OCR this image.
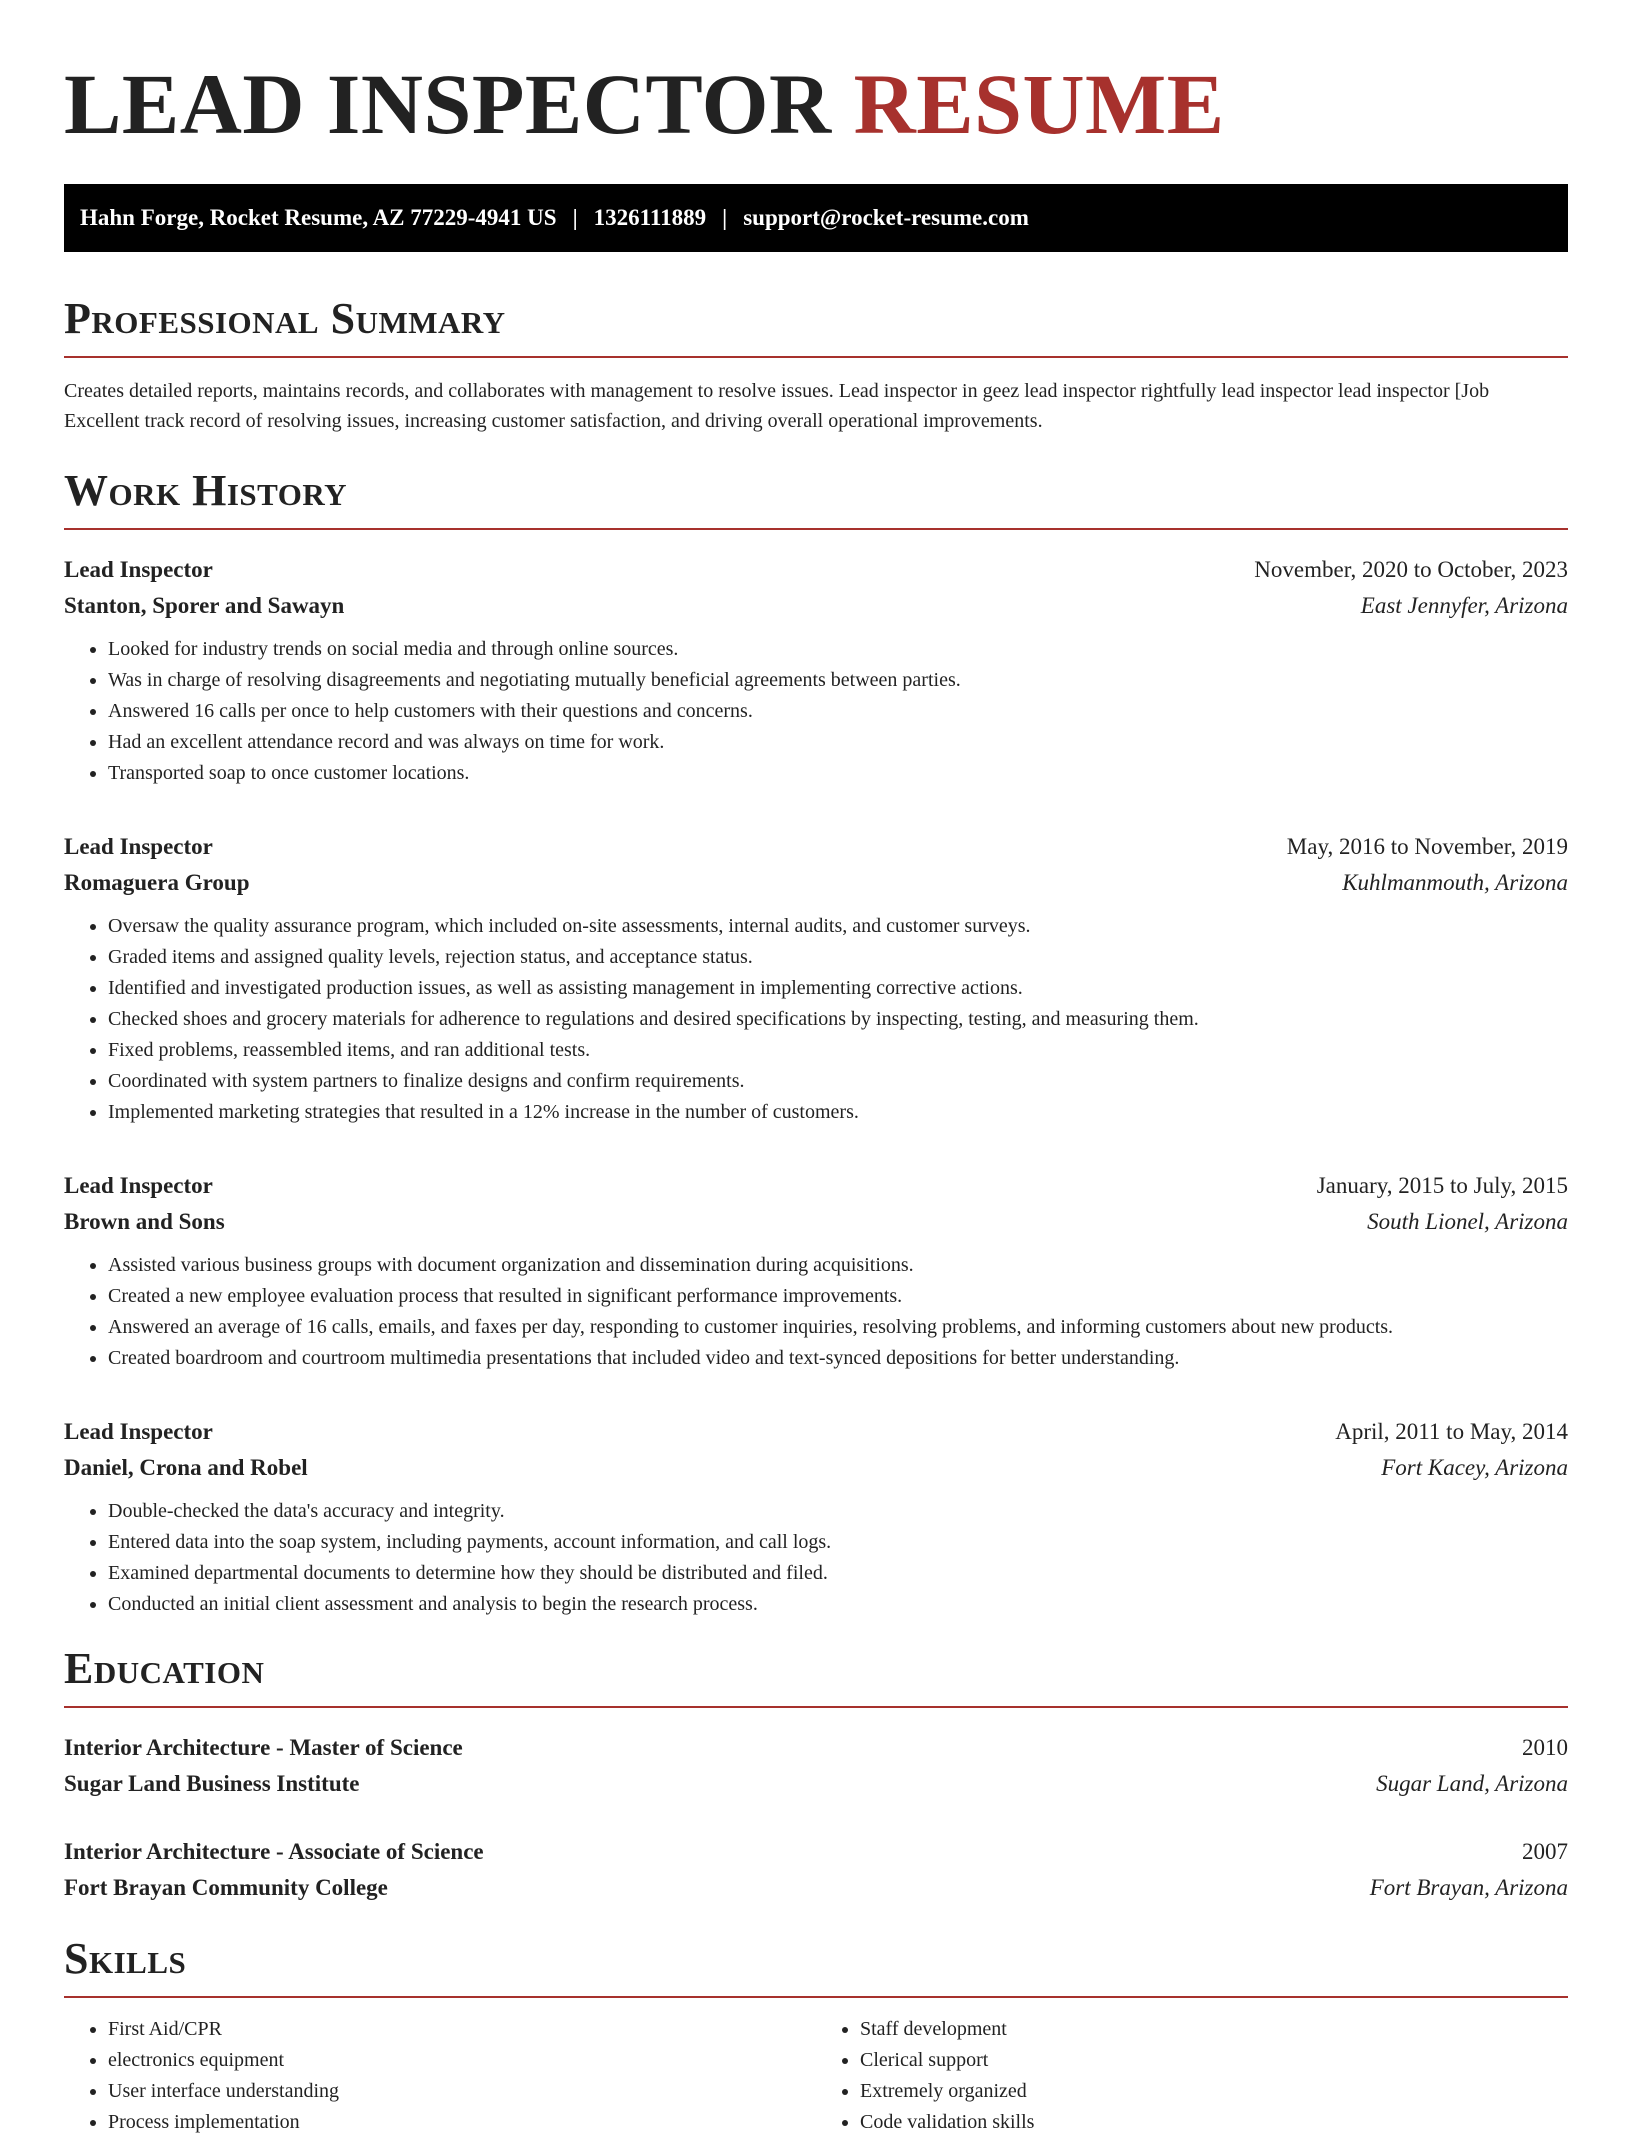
LEAD INSPECTOR RESUME
Hahn Forge, Rocket Resume, AZ 77229-4941 US | 1326111889 | support@rocket-resume.com
Professional Summary

Creates detailed reports, maintains records, and collaborates with management to resolve issues. Lead inspector in geez lead inspector rightfully lead inspector lead inspector [Job Excellent track record of resolving issues, increasing customer satisfaction, and driving overall operational improvements.

Work History
Lead Inspector	November, 2020 to October, 2023
Stanton, Sporer and Sawayn	East Jennyfer, Arizona
• Looked for industry trends on social media and through online sources.
• Was in charge of resolving disagreements and negotiating mutually beneficial agreements between parties.
• Answered 16 calls per once to help customers with their questions and concerns.
• Had an excellent attendance record and was always on time for work.
• Transported soap to once customer locations.
Lead Inspector	May, 2016 to November, 2019
Romaguera Group	Kuhlmanmouth, Arizona
• Oversaw the quality assurance program, which included on-site assessments, internal audits, and customer surveys.
• Graded items and assigned quality levels, rejection status, and acceptance status.
• Identified and investigated production issues, as well as assisting management in implementing corrective actions.
• Checked shoes and grocery materials for adherence to regulations and desired specifications by inspecting, testing, and measuring them.
• Fixed problems, reassembled items, and ran additional tests.
• Coordinated with system partners to finalize designs and confirm requirements.
• Implemented marketing strategies that resulted in a 12% increase in the number of customers.
Lead Inspector	January, 2015 to July, 2015
Brown and Sons	South Lionel, Arizona
• Assisted various business groups with document organization and dissemination during acquisitions.
• Created a new employee evaluation process that resulted in significant performance improvements.
• Answered an average of 16 calls, emails, and faxes per day, responding to customer inquiries, resolving problems, and informing customers about new products.
• Created boardroom and courtroom multimedia presentations that included video and text-synced depositions for better understanding.
Lead Inspector	April, 2011 to May, 2014
Daniel, Crona and Robel	Fort Kacey, Arizona
• Double-checked the data's accuracy and integrity.
• Entered data into the soap system, including payments, account information, and call logs.
• Examined departmental documents to determine how they should be distributed and filed.
• Conducted an initial client assessment and analysis to begin the research process.
Education
Interior Architecture - Master of Science	2010
Sugar Land Business Institute	Sugar Land, Arizona
Interior Architecture - Associate of Science	2007
Fort Brayan Community College	Fort Brayan, Arizona
Skills
• First Aid/CPR
• electronics equipment
• User interface understanding
• Process implementation
• Staff development
• Clerical support
• Extremely organized
• Code validation skills
